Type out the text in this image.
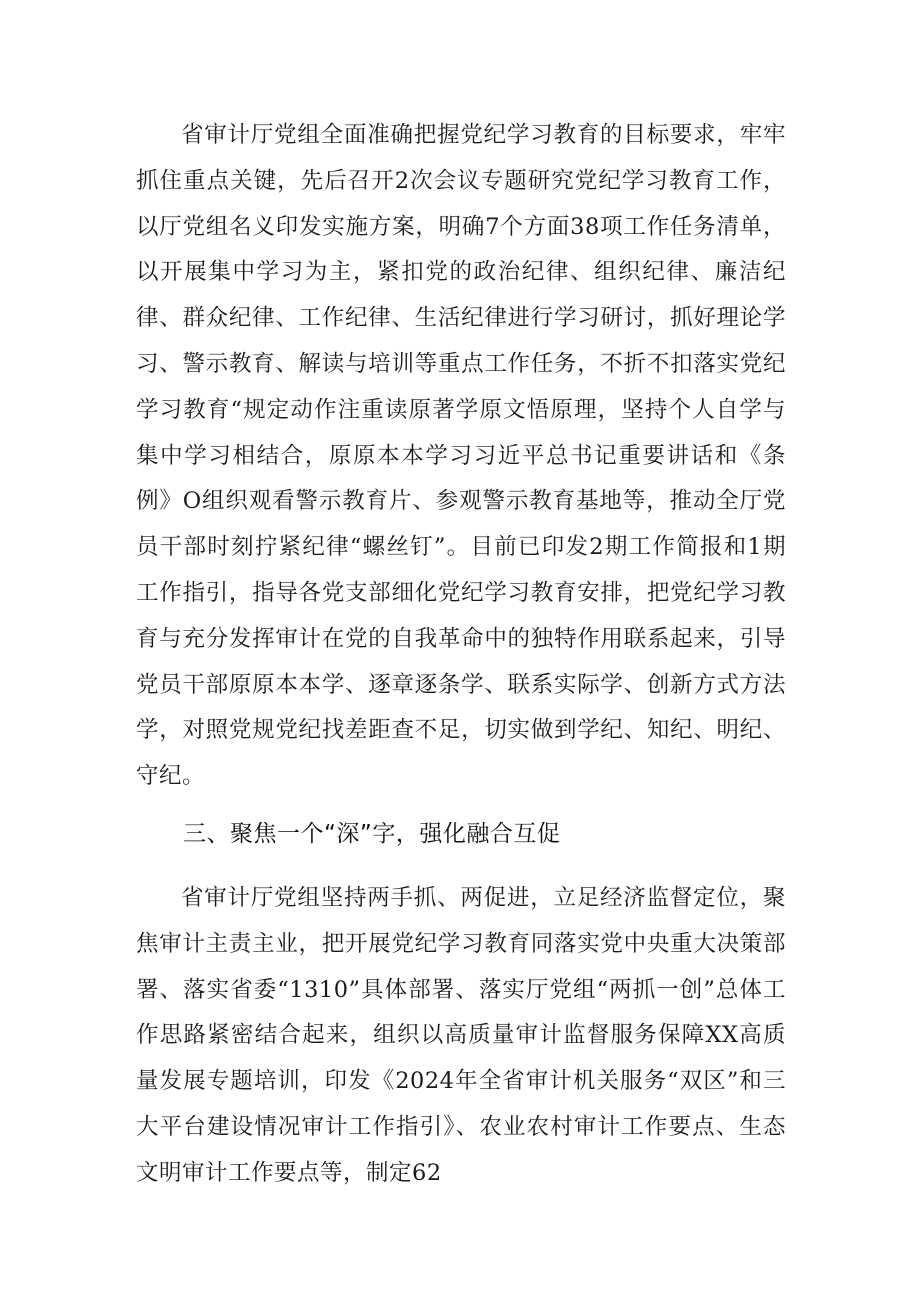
省审计厅党组全面准确把握党纪学习教育的目标要求，牢牢抓住重点关键，先后召开2次会议专题研究党纪学习教育工作，以厅党组名义印发实施方案，明确7个方面38项工作任务清单，以开展集中学习为主，紧扣党的政治纪律、组织纪律、廉洁纪律、群众纪律、工作纪律、生活纪律进行学习研讨，抓好理论学习、警示教育、解读与培训等重点工作任务，不折不扣落实党纪学习教育“规定动作注重读原著学原文悟原理，坚持个人自学与集中学习相结合，原原本本学习习近平总书记重要讲话和《条例》O组织观看警示教育片、参观警示教育基地等，推动全厅党员干部时刻拧紧纪律“螺丝钉”。目前已印发2期工作简报和1期工作指引，指导各党支部细化党纪学习教育安排，把党纪学习教育与充分发挥审计在党的自我革命中的独特作用联系起来，引导党员干部原原本本学、逐章逐条学、联系实际学、创新方式方法学，对照党规党纪找差距查不足，切实做到学纪、知纪、明纪、守纪。

三、聚焦一个“深”字，强化融合互促

省审计厅党组坚持两手抓、两促进，立足经济监督定位，聚焦审计主责主业，把开展党纪学习教育同落实党中央重大决策部署、落实省委“1310”具体部署、落实厅党组“两抓一创”总体工作思路紧密结合起来，组织以高质量审计监督服务保障XX高质量发展专题培训，印发《2024年全省审计机关服务“双区”和三大平台建设情况审计工作指引》、农业农村审计工作要点、生态文明审计工作要点等，制定62
